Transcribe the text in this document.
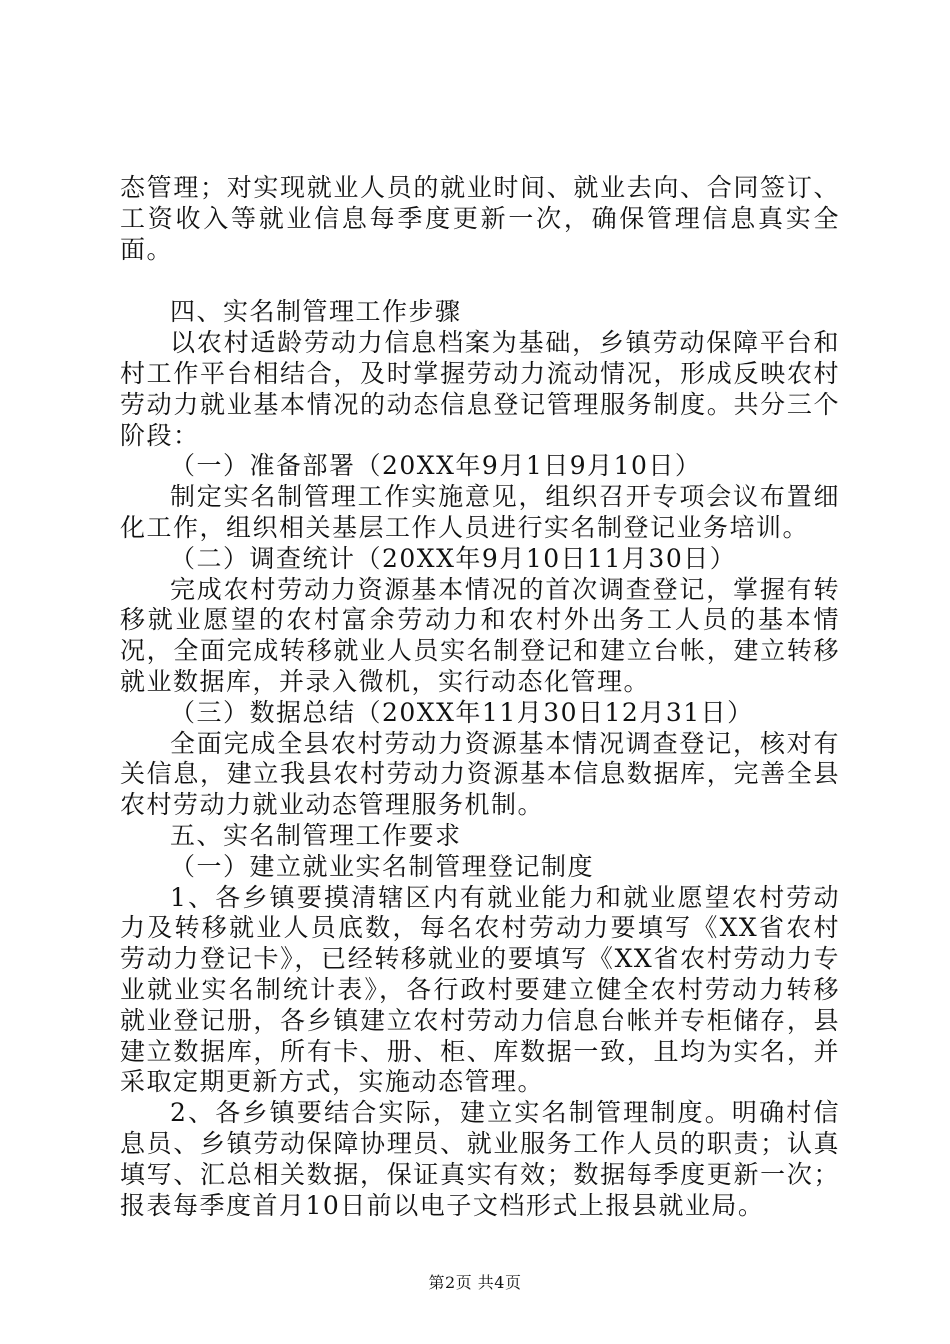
态管理；对实现就业人员的就业时间、就业去向、合同签订、工资收入等就业信息每季度更新一次，确保管理信息真实全面。

四、实名制管理工作步骤

以农村适龄劳动力信息档案为基础，乡镇劳动保障平台和村工作平台相结合，及时掌握劳动力流动情况，形成反映农村劳动力就业基本情况的动态信息登记管理服务制度。共分三个阶段：

（一）准备部署（20XX年9月1日9月10日）

制定实名制管理工作实施意见，组织召开专项会议布置细化工作，组织相关基层工作人员进行实名制登记业务培训。

（二）调查统计（20XX年9月10日11月30日）

完成农村劳动力资源基本情况的首次调查登记，掌握有转移就业愿望的农村富余劳动力和农村外出务工人员的基本情况，全面完成转移就业人员实名制登记和建立台帐，建立转移就业数据库，并录入微机，实行动态化管理。

（三）数据总结（20XX年11月30日12月31日）

全面完成全县农村劳动力资源基本情况调查登记，核对有关信息，建立我县农村劳动力资源基本信息数据库，完善全县农村劳动力就业动态管理服务机制。

五、实名制管理工作要求

（一）建立就业实名制管理登记制度

1、各乡镇要摸清辖区内有就业能力和就业愿望农村劳动力及转移就业人员底数，每名农村劳动力要填写《XX省农村劳动力登记卡》，已经转移就业的要填写《XX省农村劳动力专业就业实名制统计表》，各行政村要建立健全农村劳动力转移就业登记册，各乡镇建立农村劳动力信息台帐并专柜储存，县建立数据库，所有卡、册、柜、库数据一致，且均为实名，并采取定期更新方式，实施动态管理。

2、各乡镇要结合实际，建立实名制管理制度。明确村信息员、乡镇劳动保障协理员、就业服务工作人员的职责；认真填写、汇总相关数据，保证真实有效；数据每季度更新一次；报表每季度首月10日前以电子文档形式上报县就业局。

第2页 共4页
